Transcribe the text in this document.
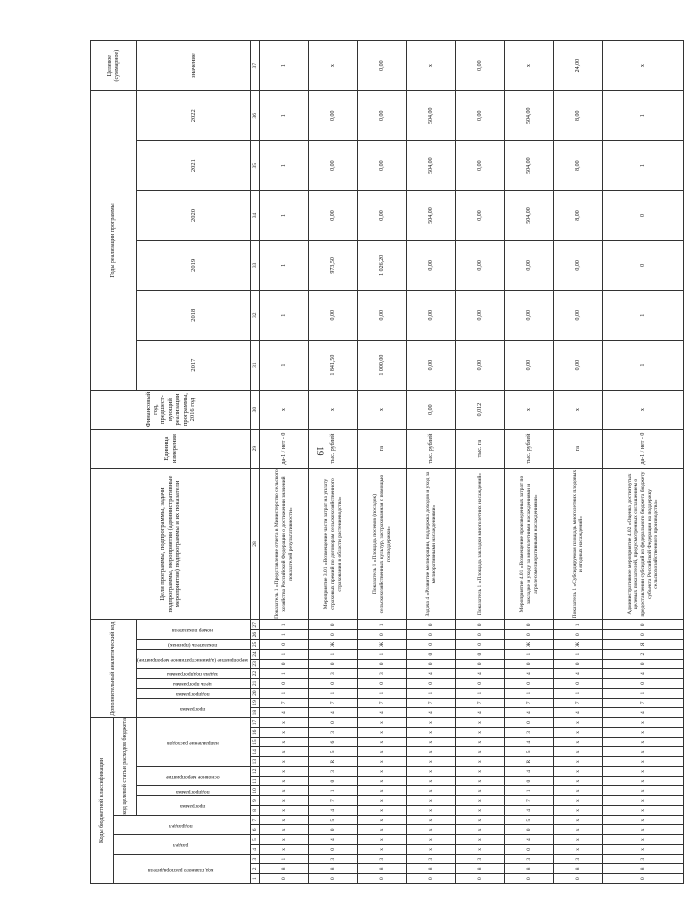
19
Коды бюджетной классификации																	Дополнительный аналитический код										Цели программы, подпрограммы, задачи подпрограммы, мероприятия (административные мероприятия) подпрограммы и их показатели	Единица измерения	Финансовый год, предшест-вующий реализации программы, 2016 год	Годы реализации программы						Целевое (суммарное)
код главного распорядителя			раздел		подраздел		код целевой статьи расходов бюджета																													
							программа		подпрограмма	основное мероприятие		направление расходов					программа		подпрограмма	цель программы	задача подпрограммы	мероприятие (административное мероприятие)		показатель (признак)	номер показателя					2017	2018	2019	2020	2021	2022	значение
1	2	3	4	5	6	7	8	9	10	11	12	13	14	15	16	17	18	19	20	21	22	23	24	25	26	27	28	29	30	31	32	33	34	35	36	37
0	8	1	x	x	x	x	x	x	x	x	x	x	x	x	x	x	4	7	1	0	1	0	1	0	1	1	Показатель 1 «Представление отчета в Министерство сельского хозяйства Российской Федерации о достижении значений показателей результативности»	да-1 / нет - 0	x	1	1	1	1	1	1	1
0	8	3	0	4	0	5	4	7	1	0	3	R	5	6	3	0	4	7	1	0	3	0	1	Ж	0	0	Мероприятие 3.01 «Возмещение части затрат на уплату страховых премий по договорам сельскохозяйственного страхования в области растениеводства»	тыс. рублей	x	1 841,50	0,00	973,50	0,00	0,00	0,00	x
0	8	3	x	x	x	x	x	x	x	x	x	x	x	x	x	x	4	7	1	0	3	0	1	Ж	0	1	Показатель 1 «Площадь посевов (посадок) сельскохозяйственных культур, застрахованная с помощью господдержки»	га	x	1 000,00	0,00	1 026,20	0,00	0,00	0,00	0,00
0	8	3	x	x	x	x	x	x	x	x	x	x	x	x	x	x	4	7	1	0	4	0	0	0	0	0	Задача 4 «Развитие мелиорации, поддержка доходов и уход за мелиоративными насаждениями»	тыс. рублей	0,00	0,00	0,00	0,00	504,00	504,00	504,00	x
0	8	3	x	x	x	x	x	x	x	x	x	x	x	x	x	x	4	7	1	0	4	0	0	0	0	0	Показатель 1 «Площадь закладки многолетних насаждений»	тыс. га	0,012	0,00	0,00	0,00	0,00	0,00	0,00	0,00
0	8	3	0	4	0	5	4	7	1	0	4	R	5	4	3	0	4	7	1	0	4	0	1	Ж	0	0	Мероприятие 4.01 «Возмещение произведенных затрат по закладке и уходу за многолетними насаждениями и агролесомелиоративными насаждениями»	тыс. рублей	x	0,00	0,00	0,00	504,00	504,00	504,00	x
0	8	3	x	x	x	x	x	x	x	x	x	x	x	x	x	x	4	7	1	0	4	0	1	Ж	0	1	Показатель 1 «Субсидируемая площадь многолетних плодовых и ягодных насаждений»	га	x	0,00	0,00	0,00	8,00	8,00	8,00	24,00
0	8	3	x	x	x	x	x	x	x	x	x	x	x	x	x	x	4	7	1	0	4	0	2	Я	0	0	Административное мероприятие 4.02 «Оценка достигнутых целевых показателей, предусмотренных соглашением о предоставлении субсидий из федерального бюджета бюджету субъекта Российской Федерации на поддержку сельскохозяйственного производства»	да-1 / нет - 0	x	1	1	0	0	1	1	x
